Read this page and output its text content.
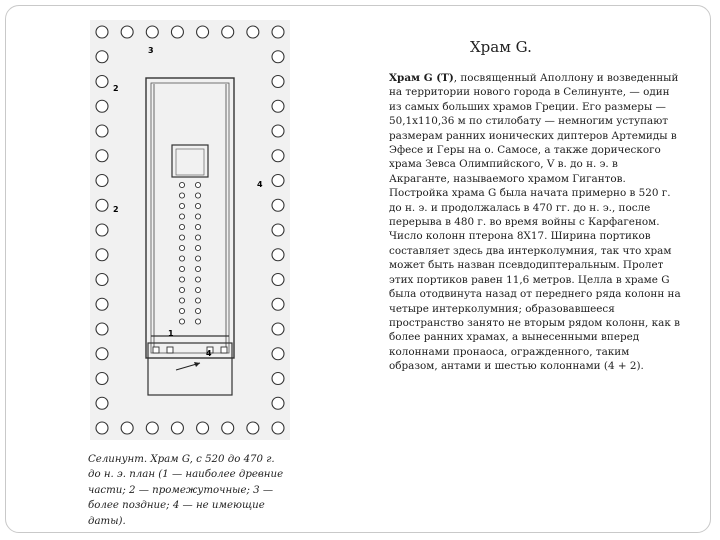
3
2
2
4
1
4
Храм G.

Храм G (Т), посвященный Аполлону и возведенный на территории нового города в Селинунте, — один из самых больших храмов Греции. Его размеры — 50,1х110,36 м по стилобату — немногим уступают размерам ранних ионических диптеров Артемиды в Эфесе и Геры на о. Самосе, а также дорического храма Зевса Олимпийского, V в. до н. э. в Акраганте, называемого храмом Гигантов. Постройка храма G была начата примерно в 520 г. до н. э. и продолжалась в 470 гг. до н. э., после перерыва в 480 г. во время войны с Карфагеном. Число колонн птерона 8Х17. Ширина портиков составляет здесь два интерколумния, так что храм может быть назван псевдодиптеральным. Пролет этих портиков равен 11,6 метров. Целла в храме G была отодвинута назад от переднего ряда колонн на четыре интерколумния; образовавшееся пространство занято не вторым рядом колонн, как в более ранних храмах, а вынесенными вперед колоннами пронаоса, огражденного, таким образом, антами и шестью колоннами (4 + 2).

Селинунт. Храм G, с 520 до 470 г. до н. э. план (1 — наиболее древние части; 2 — промежуточные; 3 — более поздние; 4 — не имеющие даты).
